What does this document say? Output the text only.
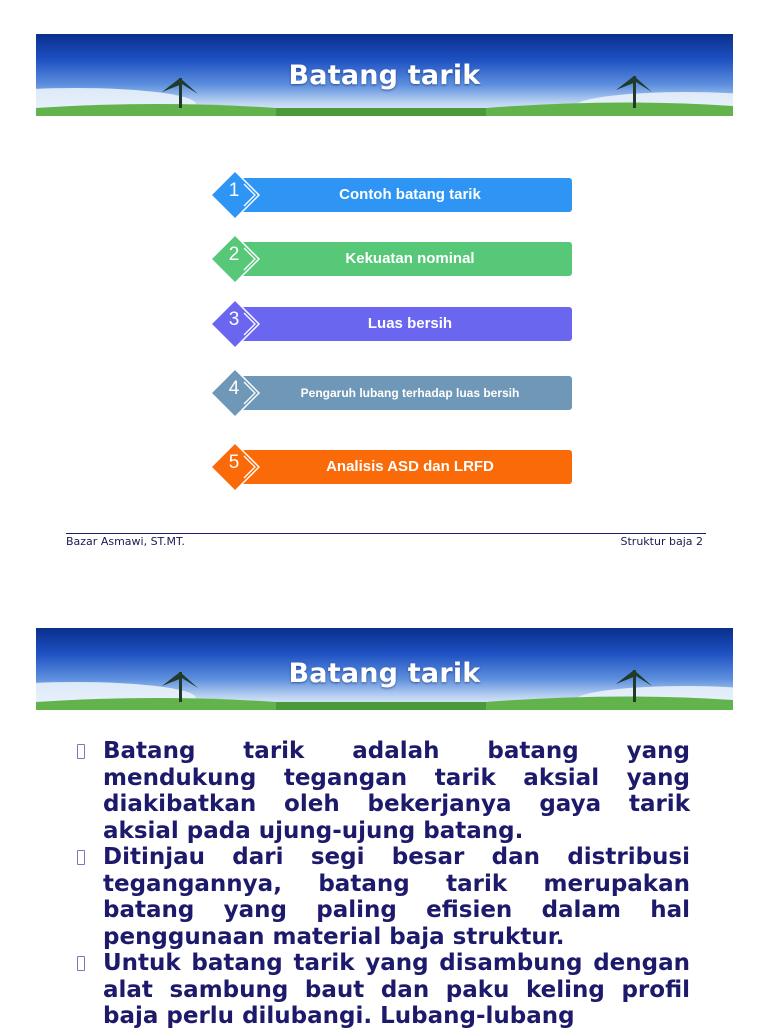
Batang tarik
1	Contoh batang tarik
2	Kekuatan nominal
3	Luas bersih
4	Pengaruh lubang terhadap luas bersih
5	Analisis ASD dan LRFD
Bazar Asmawi, ST.MT.	Struktur baja 2
Batang tarik
Batang tarik adalah batang yang mendukung tegangan tarik aksial yang diakibatkan oleh bekerjanya gaya tarik aksial pada ujung-ujung batang.
Ditinjau dari segi besar dan distribusi tegangannya, batang tarik merupakan batang yang paling efisien dalam hal penggunaan material baja struktur.
Untuk batang tarik yang disambung dengan alat sambung baut dan paku keling profil baja perlu dilubangi. Lubang-lubang
